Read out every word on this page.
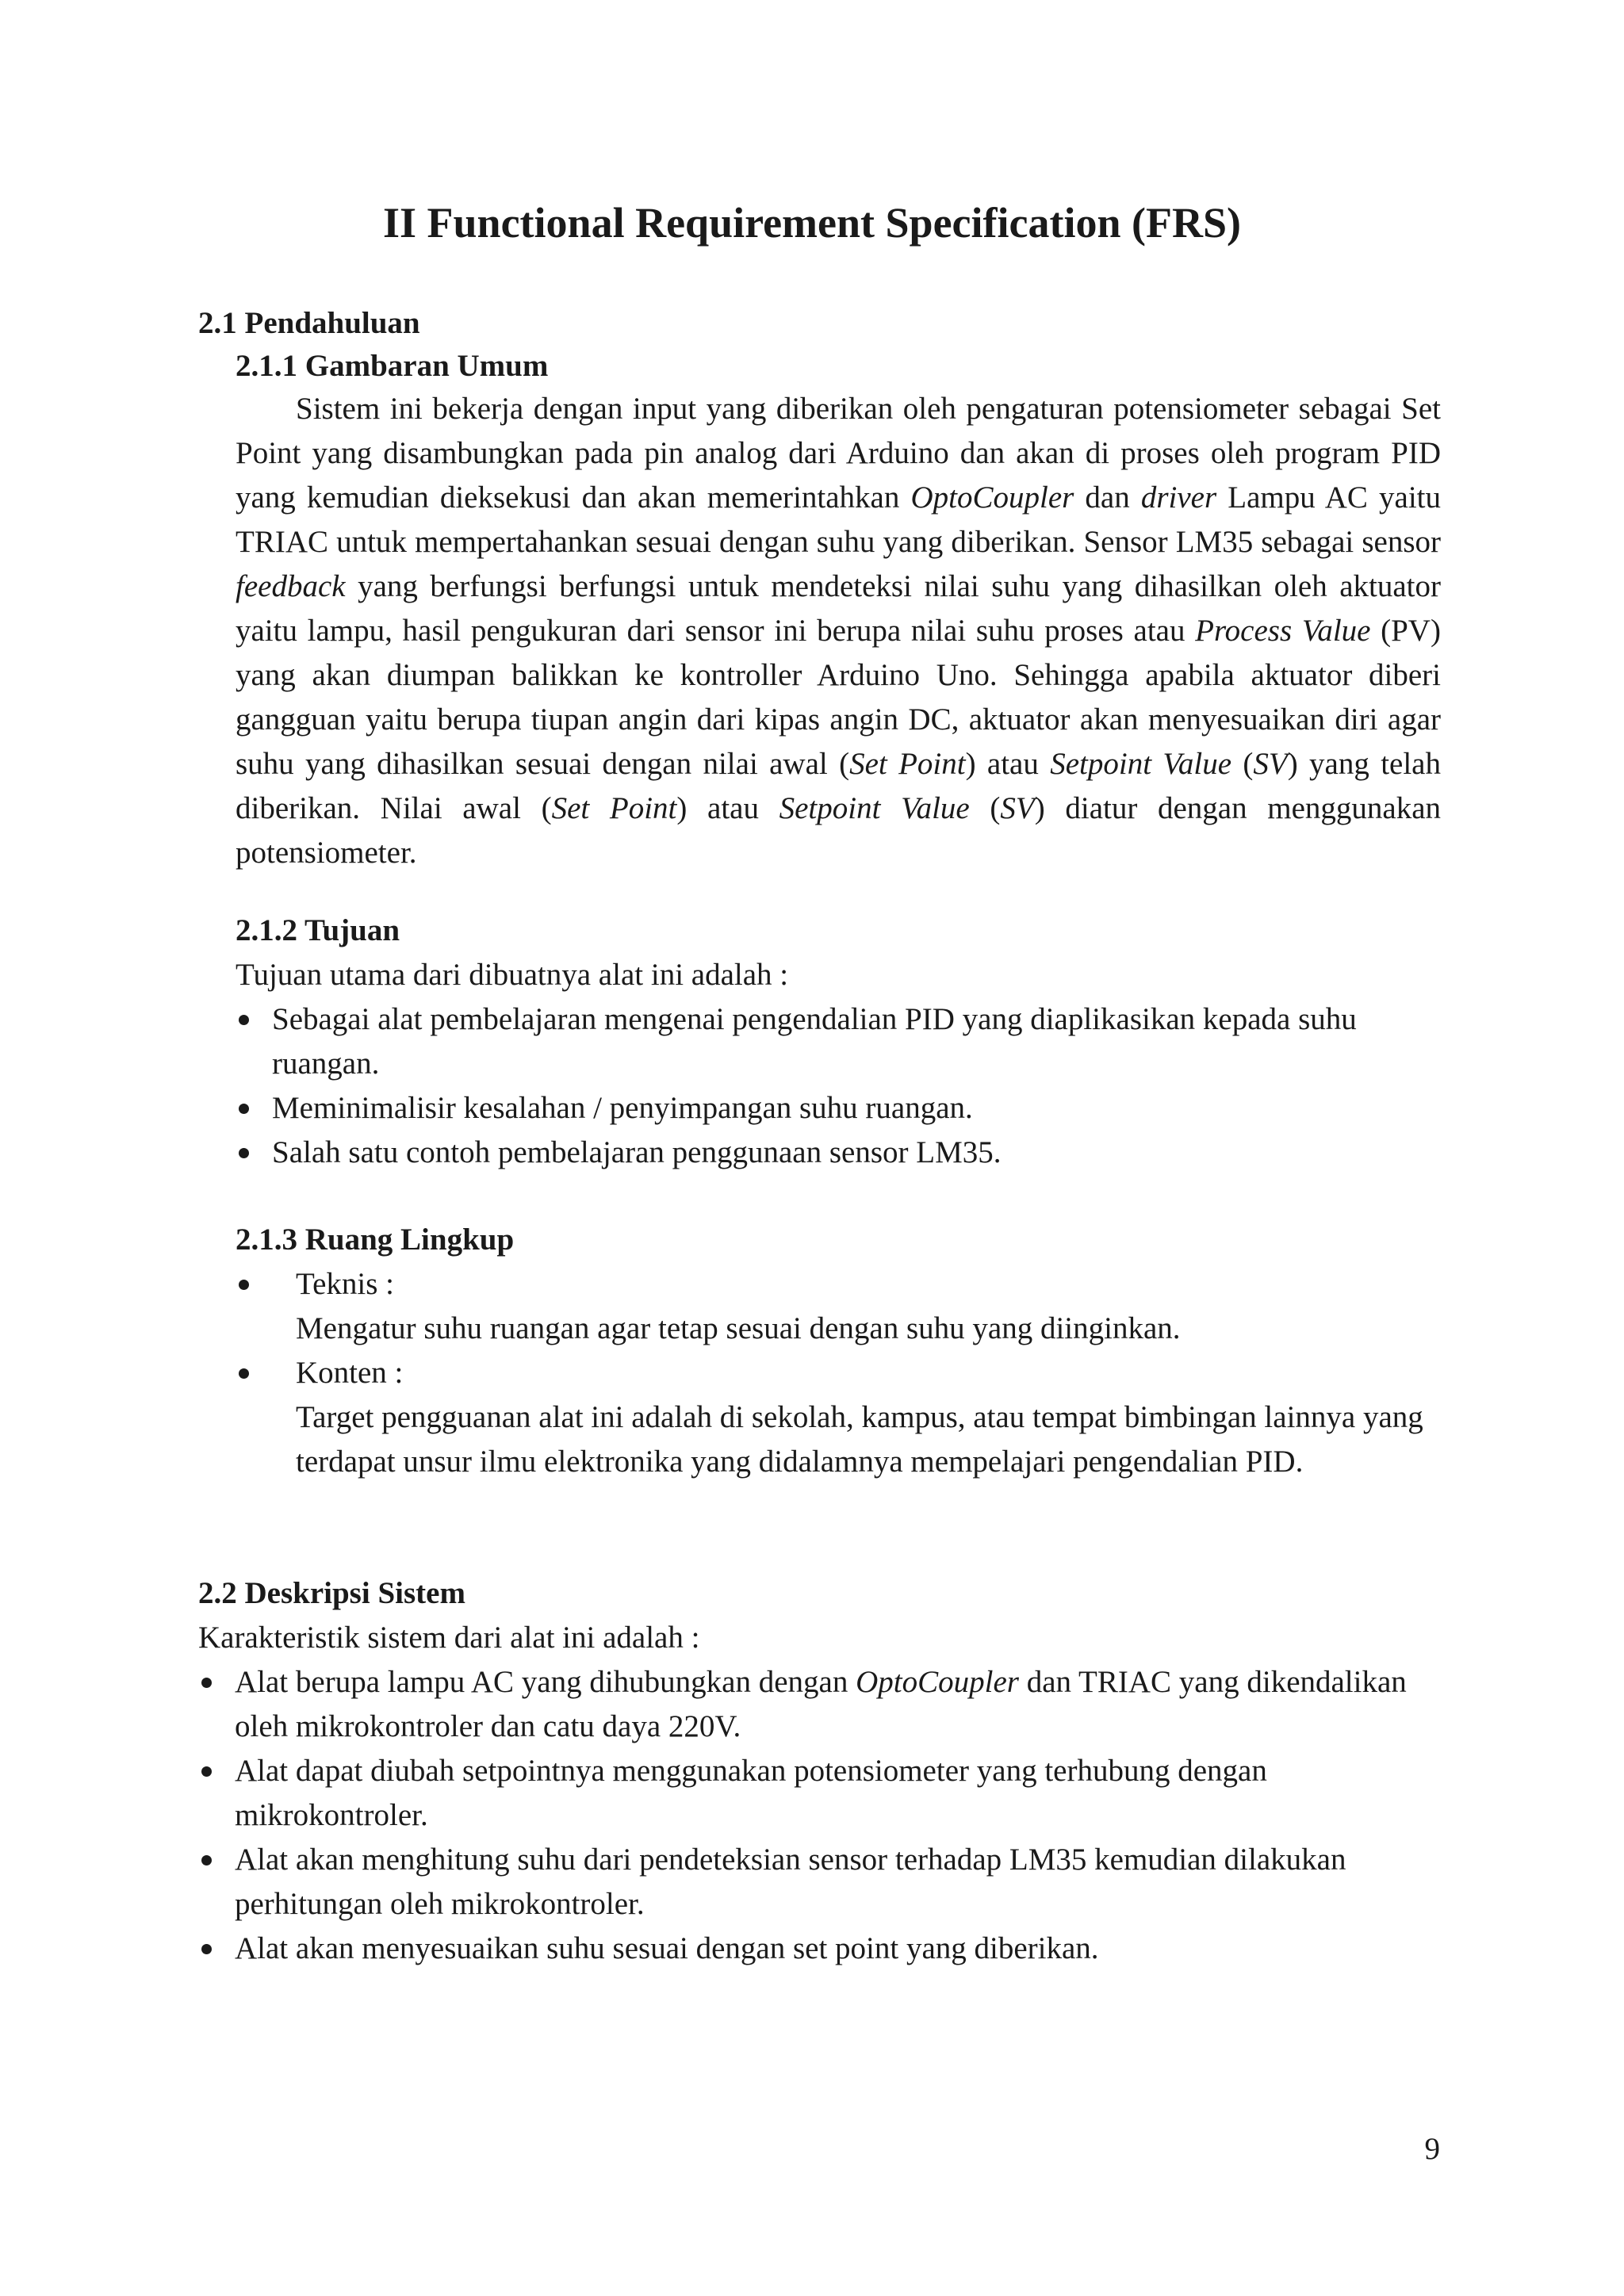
II Functional Requirement Specification (FRS)
2.1 Pendahuluan
2.1.1 Gambaran Umum

Sistem ini bekerja dengan input yang diberikan oleh pengaturan potensiometer sebagai Set Point yang disambungkan pada pin analog dari Arduino dan akan di proses oleh program PID yang kemudian dieksekusi dan akan memerintahkan OptoCoupler dan driver Lampu AC yaitu TRIAC untuk mempertahankan sesuai dengan suhu yang diberikan. Sensor LM35 sebagai sensor feedback yang berfungsi berfungsi untuk mendeteksi nilai suhu yang dihasilkan oleh aktuator yaitu lampu, hasil pengukuran dari sensor ini berupa nilai suhu proses atau Process Value (PV) yang akan diumpan balikkan ke kontroller Arduino Uno. Sehingga apabila aktuator diberi gangguan yaitu berupa tiupan angin dari kipas angin DC, aktuator akan menyesuaikan diri agar suhu yang dihasilkan sesuai dengan nilai awal (Set Point) atau Setpoint Value (SV) yang telah diberikan. Nilai awal (Set Point) atau Setpoint Value (SV) diatur dengan menggunakan potensiometer.

2.1.2 Tujuan

Tujuan utama dari dibuatnya alat ini adalah :

Sebagai alat pembelajaran mengenai pengendalian PID yang diaplikasikan kepada suhu ruangan.
Meminimalisir kesalahan / penyimpangan suhu ruangan.
Salah satu contoh pembelajaran penggunaan sensor LM35.
2.1.3 Ruang Lingkup
Teknis :
Mengatur suhu ruangan agar tetap sesuai dengan suhu yang diinginkan.
Konten :
Target pengguanan alat ini adalah di sekolah, kampus, atau tempat bimbingan lainnya yang terdapat unsur ilmu elektronika yang didalamnya mempelajari pengendalian PID.
2.2 Deskripsi Sistem

Karakteristik sistem dari alat ini adalah :

Alat berupa lampu AC yang dihubungkan dengan OptoCoupler dan TRIAC yang dikendalikan oleh mikrokontroler dan catu daya 220V.
Alat dapat diubah setpointnya menggunakan potensiometer yang terhubung dengan mikrokontroler.
Alat akan menghitung suhu dari pendeteksian sensor terhadap LM35 kemudian dilakukan perhitungan oleh mikrokontroler.
Alat akan menyesuaikan suhu sesuai dengan set point yang diberikan.
9
